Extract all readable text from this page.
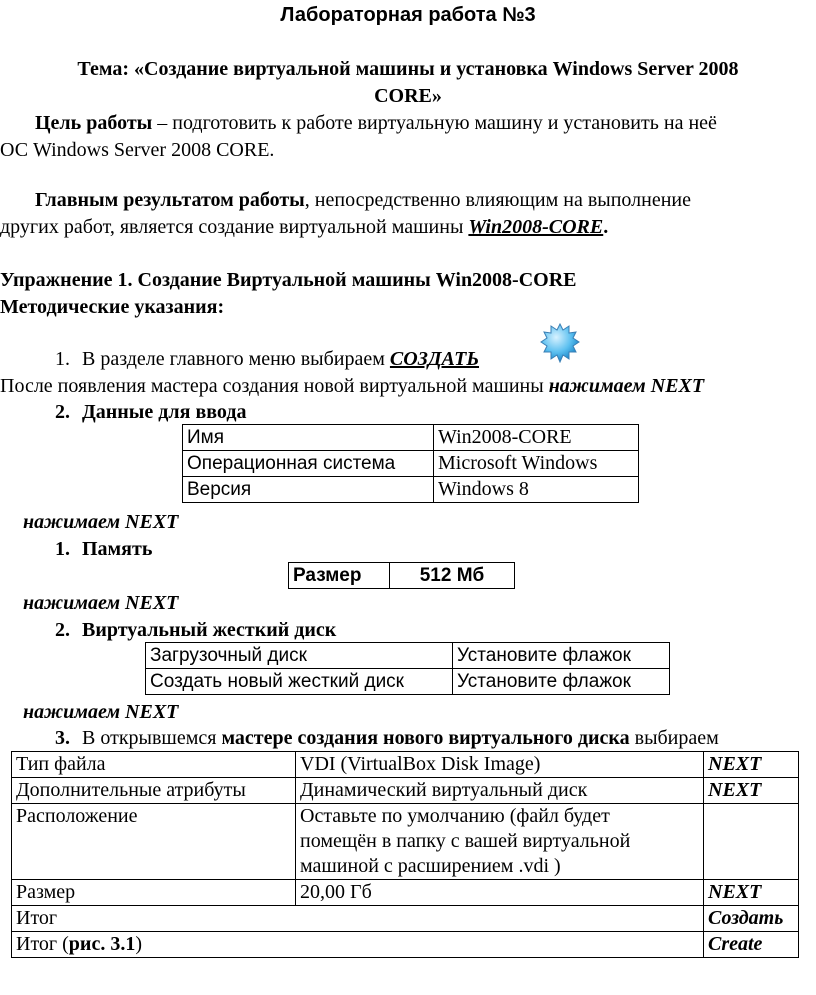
Лабораторная работа №3
Тема: «Создание виртуальной машины и установка Windows Server 2008
CORE»
Цель работы – подготовить к работе виртуальную машину и установить на неё
ОС Windows Server 2008 CORE.
Главным результатом работы, непосредственно влияющим на выполнение
других работ, является создание виртуальной машины Win2008-CORE.
Упражнение 1. Создание Виртуальной машины Win2008-CORE
Методические указания:
1. В разделе главного меню выбираем СОЗДАТЬ
После появления мастера создания новой виртуальной машины нажимаем NEXT
2. Данные для ввода
Имя	Win2008-CORE
Операционная система	Microsoft Windows
Версия	Windows 8
нажимаем NEXT
1. Память
Размер	512 Мб
нажимаем NEXT
2. Виртуальный жесткий диск
Загрузочный диск	Установите флажок
Создать новый жесткий диск	Установите флажок
нажимаем NEXT
3. В открывшемся мастере создания нового виртуального диска выбираем
Тип файла	VDI (VirtualBox Disk Image)	NEXT
Дополнительные атрибуты	Динамический виртуальный диск	NEXT
Расположение	Оставьте по умолчанию (файл будет
помещён в папку с вашей виртуальной
машиной с расширением .vdi )	

Размер	20,00 Гб	NEXT
Итог		Создать
Итог (рис. 3.1)		Create
